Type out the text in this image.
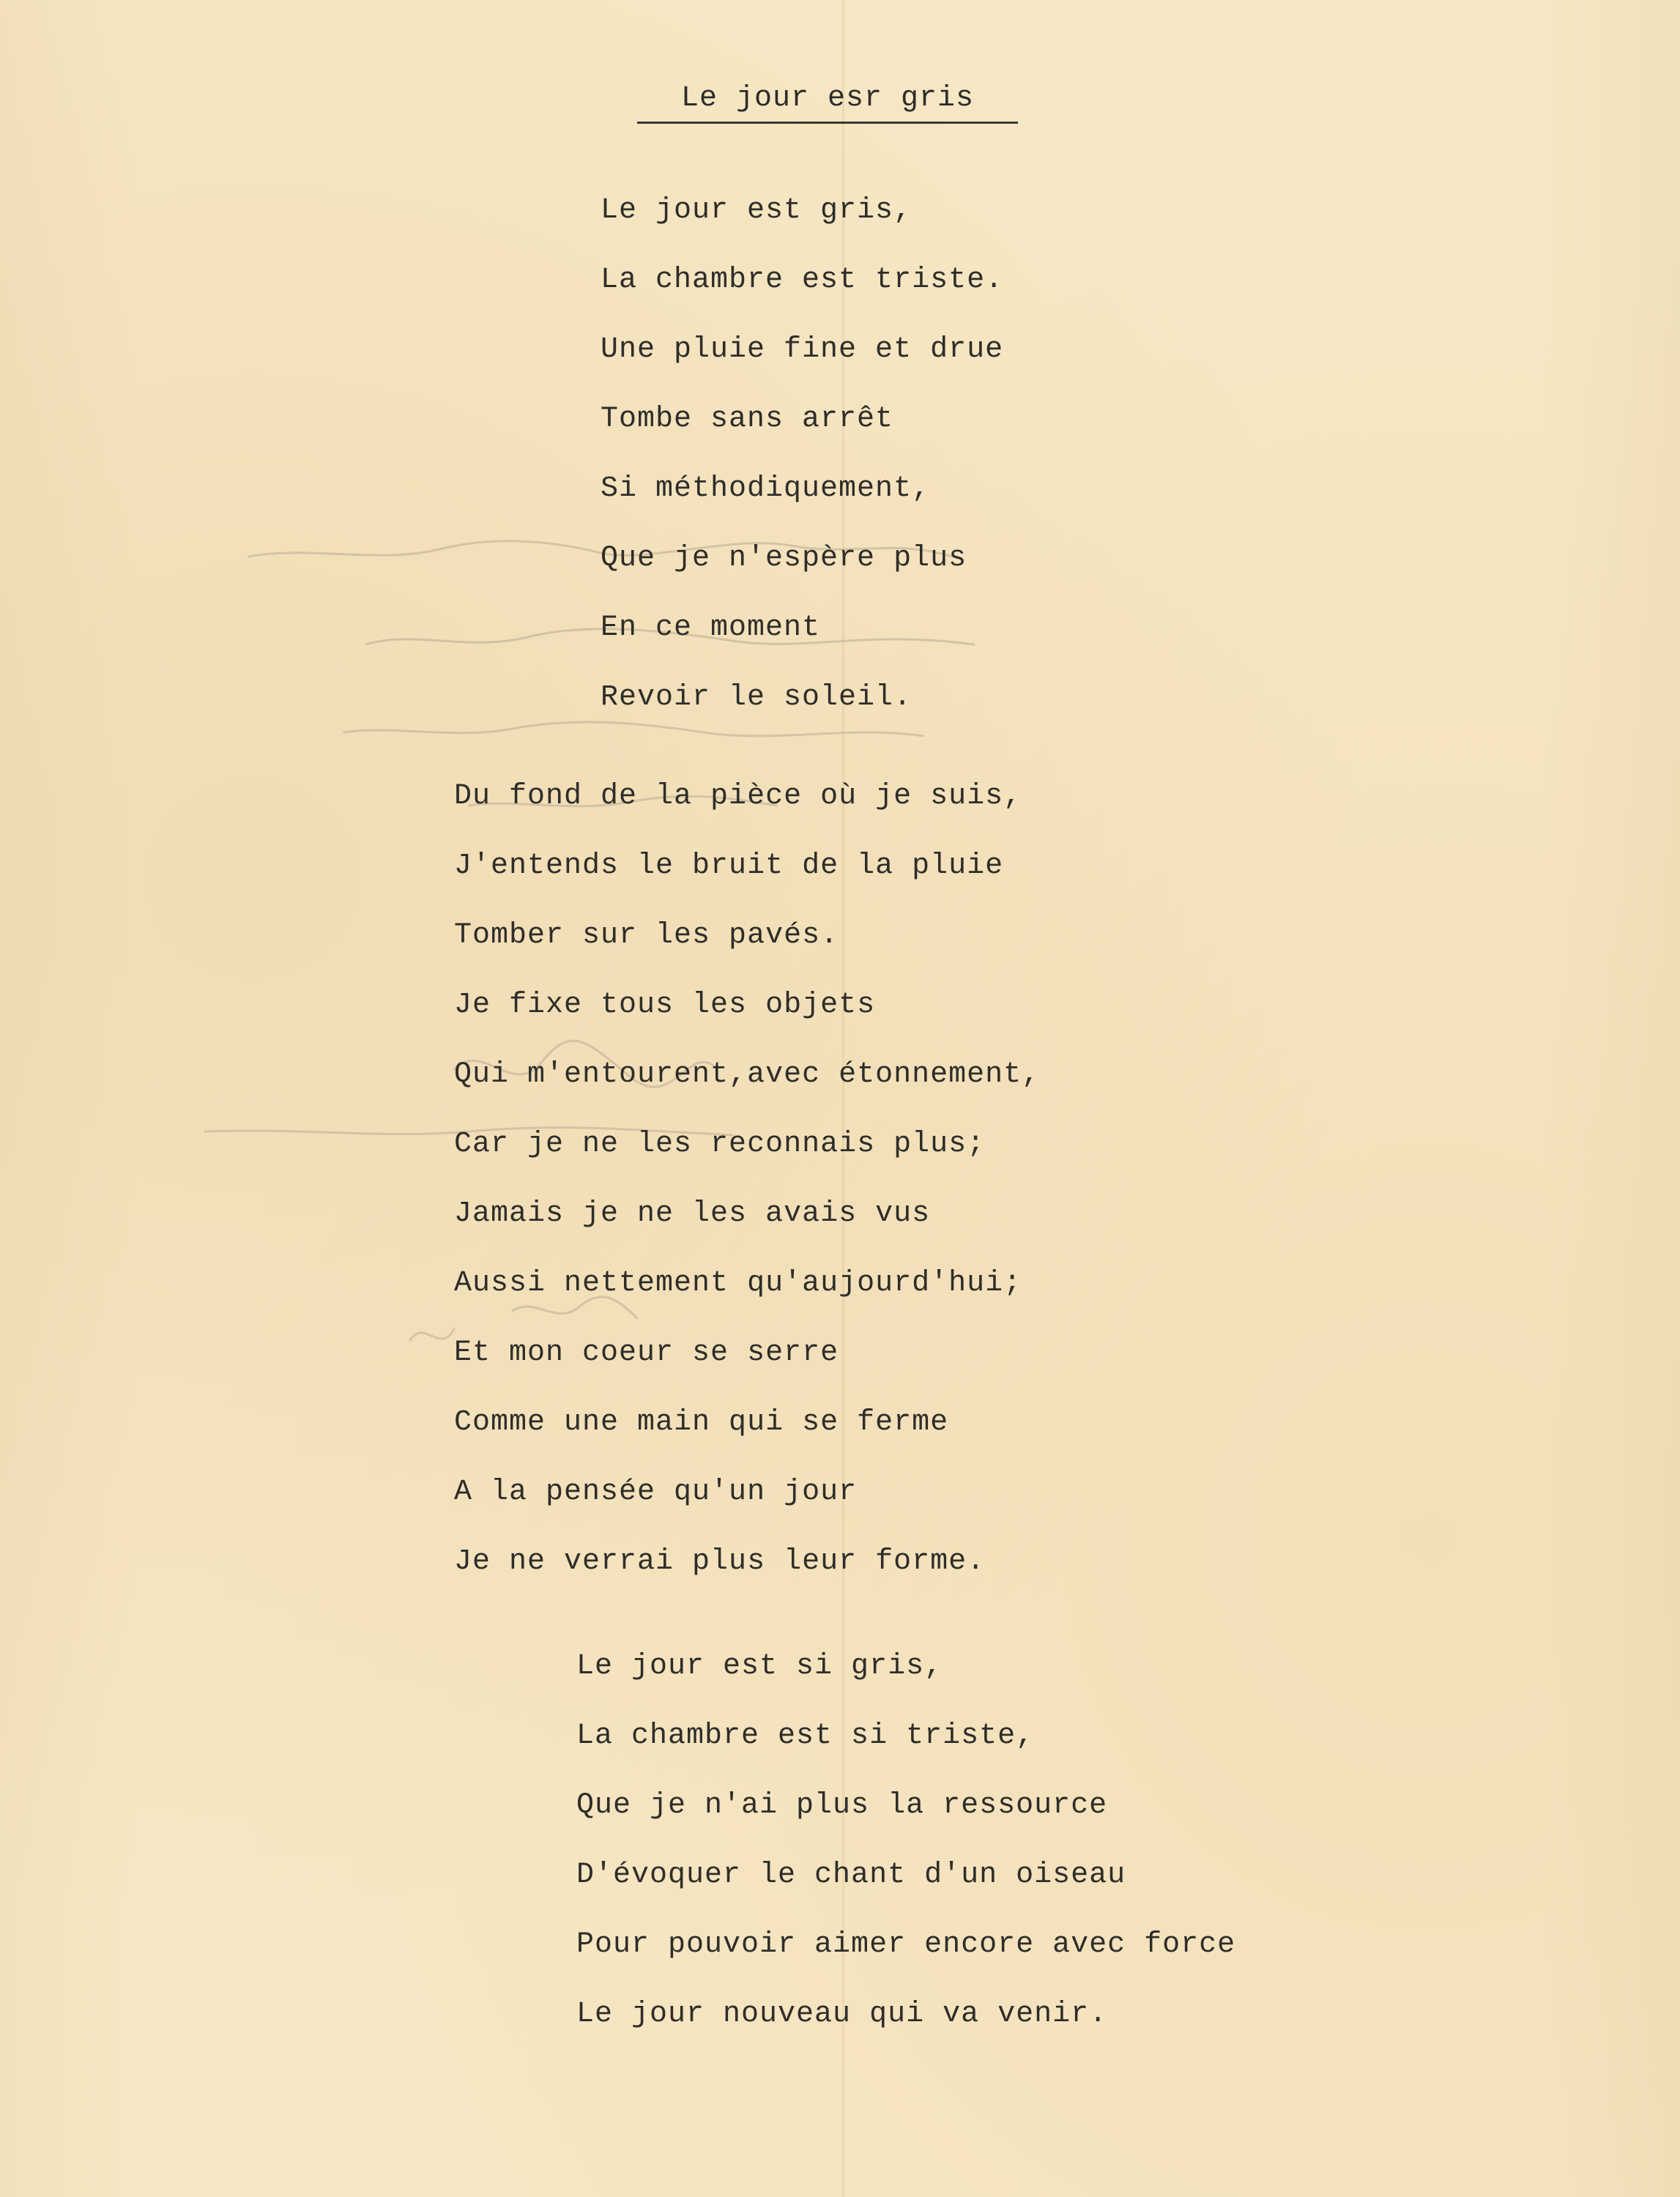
Le jour esr gris
Le jour est gris,
La chambre est triste.
Une pluie fine et drue
Tombe sans arrêt
Si méthodiquement,
Que je n'espère plus
En ce moment
Revoir le soleil.
Du fond de la pièce où je suis,
J'entends le bruit de la pluie
Tomber sur les pavés.
Je fixe tous les objets
Qui m'entourent,avec étonnement,
Car je ne les reconnais plus;
Jamais je ne les avais vus
Aussi nettement qu'aujourd'hui;
Et mon coeur se serre
Comme une main qui se ferme
A la pensée qu'un jour
Je ne verrai plus leur forme.
Le jour est si gris,
La chambre est si triste,
Que je n'ai plus la ressource
D'évoquer le chant d'un oiseau
Pour pouvoir aimer encore avec force
Le jour nouveau qui va venir.
